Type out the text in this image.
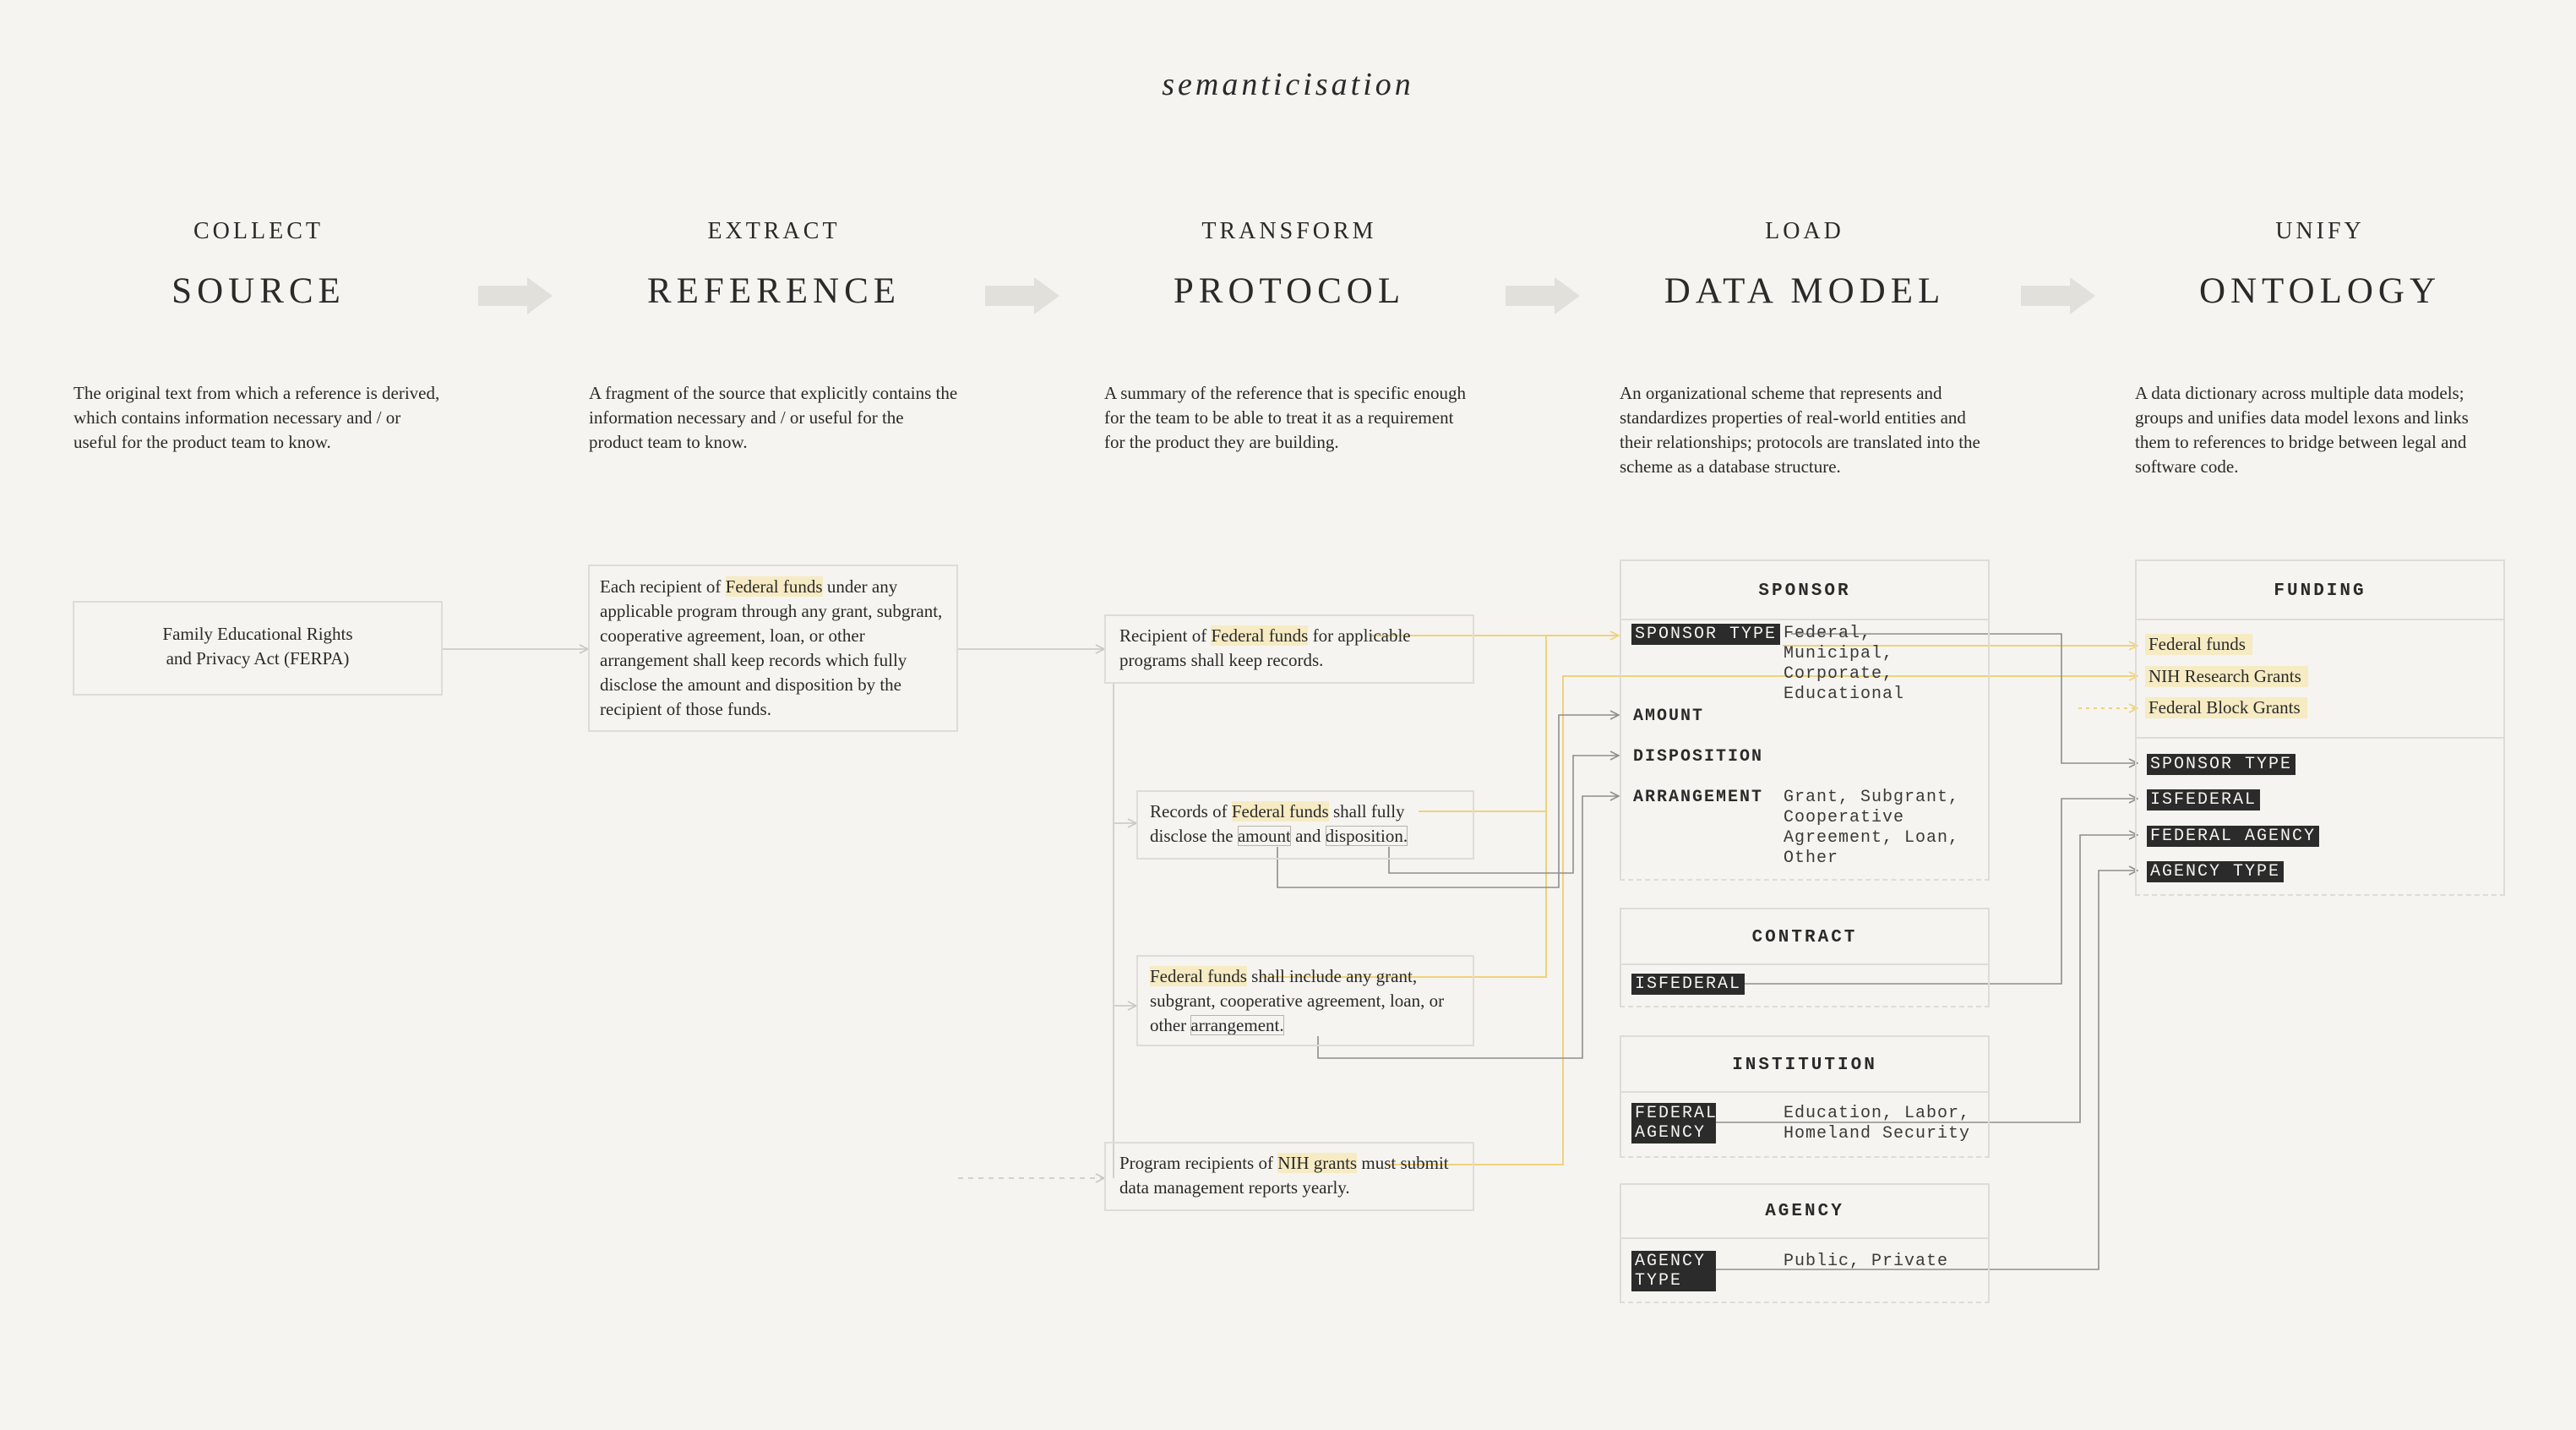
semanticisation
COLLECT
SOURCE
EXTRACT
REFERENCE
TRANSFORM
PROTOCOL
LOAD
DATA MODEL
UNIFY
ONTOLOGY
The original text from which a reference is derived, which contains information necessary and / or useful for the product team to know.
A fragment of the source that explicitly contains the information necessary and / or useful for the product team to know.
A summary of the reference that is specific enough for the team to be able to treat it as a requirement for the product they are building.
An organizational scheme that represents and standardizes properties of real-world entities and their relationships; protocols are translated into the scheme as a database structure.
A data dictionary across multiple data models; groups and unifies data model lexons and links them to references to bridge between legal and software code.
Family Educational Rights
and Privacy Act (FERPA)
Each recipient of Federal funds under any applicable program through any grant, subgrant, cooperative agreement, loan, or other arrangement shall keep records which fully disclose the amount and disposition by the recipient of those funds.
Recipient of Federal funds for applicable programs shall keep records.
Records of Federal funds shall fully disclose the amount and disposition.
Federal funds shall include any grant, subgrant, cooperative agreement, loan, or other arrangement.
Program recipients of NIH grants must submit data management reports yearly.
SPONSOR
SPONSOR TYPE Federal, Municipal,
Corporate,
Educational
AMOUNT
DISPOSITION
ARRANGEMENT Grant, Subgrant,
Cooperative
Agreement, Loan,
Other
CONTRACT
ISFEDERAL
INSTITUTION
FEDERAL
AGENCY
Education, Labor,
Homeland Security
AGENCY
AGENCY
TYPE
Public, Private
FUNDING
Federal funds
NIH Research Grants
Federal Block Grants
SPONSOR TYPE
ISFEDERAL
FEDERAL AGENCY
AGENCY TYPE
